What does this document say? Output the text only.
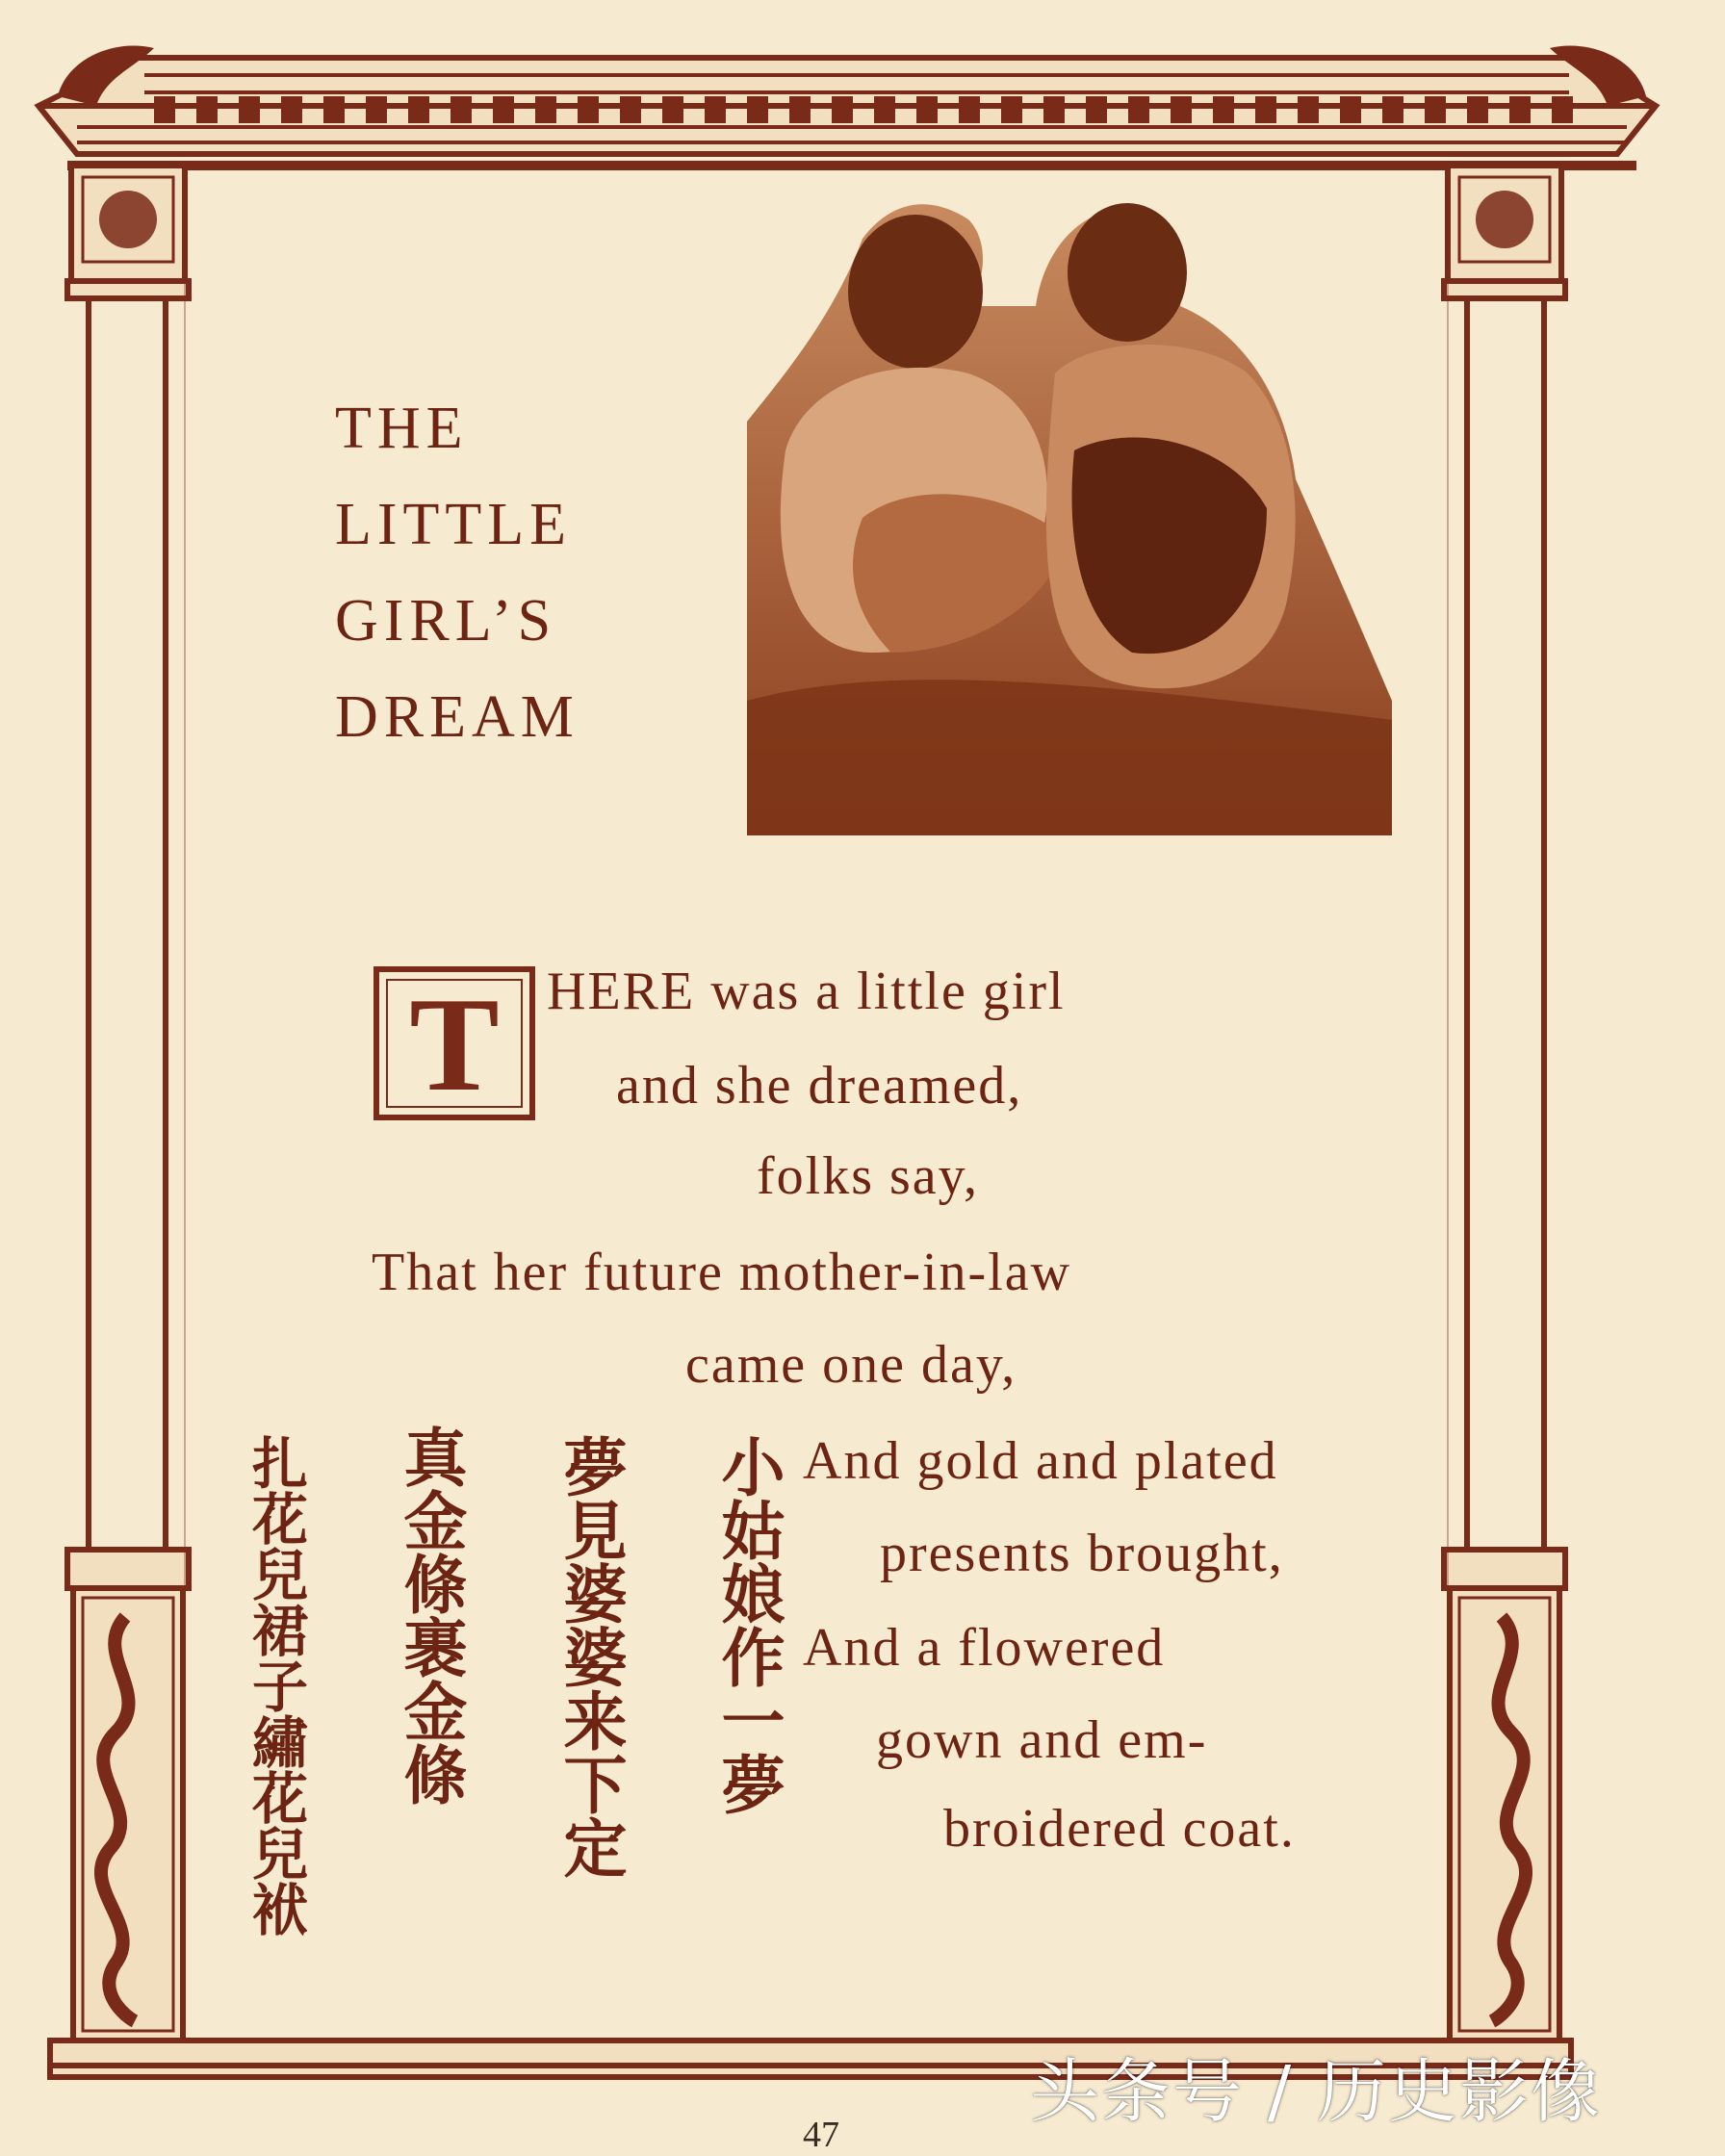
THE
LITTLE
GIRL’S
DREAM
T HERE was a little girl
and she dreamed,
folks say,
That her future mother-in-law
came one day,
And gold and plated
presents brought,
And a flowered
gown and em-
broidered coat.
小姑娘作一夢
夢見婆婆来下定
真金條裹金條
扎花兒裙子繡花兒袱
头条号 / 历史影像
47
